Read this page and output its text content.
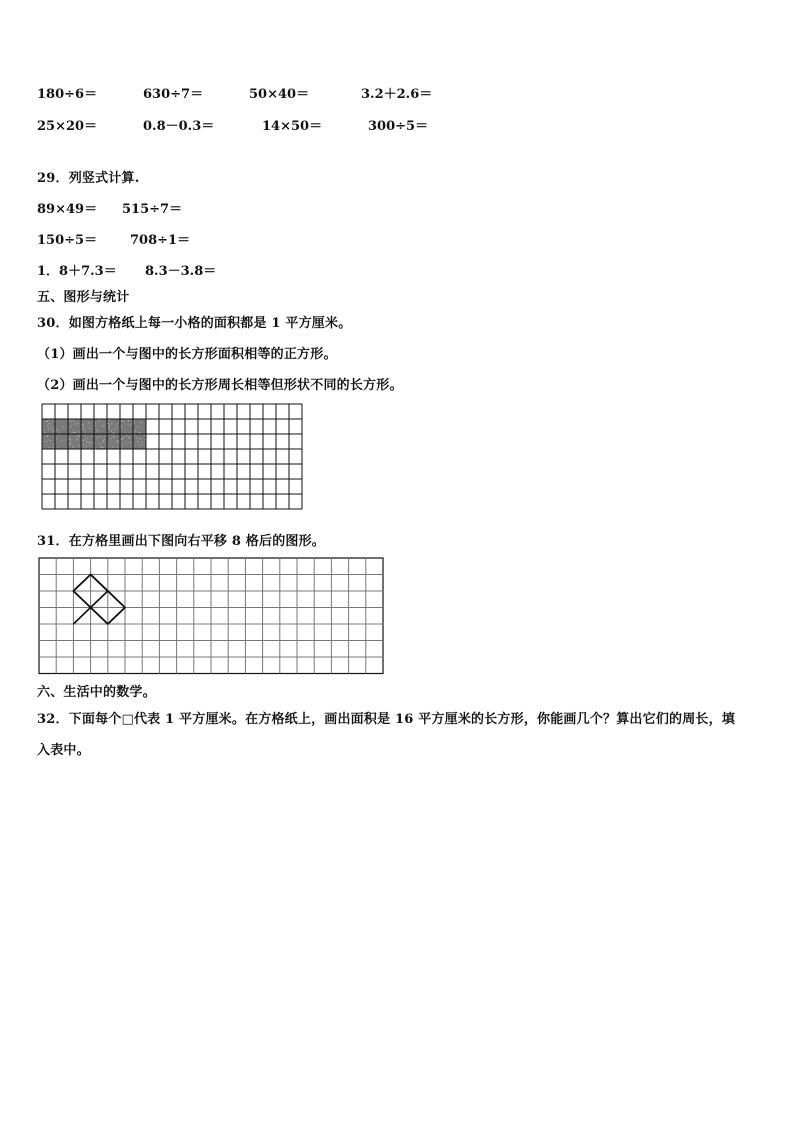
180÷6＝	630÷7＝	50×40＝	3.2＋2.6＝
25×20＝	0.8－0.3＝	14×50＝	300÷5＝
29．列竖式计算.
89×49＝ 515÷7＝
150÷5＝	708÷1＝
1．8＋7.3＝ 8.3－3.8＝
五、图形与统计
30．如图方格纸上每一小格的面积都是 1 平方厘米。
（1）画出一个与图中的长方形面积相等的正方形。
（2）画出一个与图中的长方形周长相等但形状不同的长方形。
31．在方格里画出下图向右平移 8 格后的图形。
六、生活中的数学。
32．下面每个□代表 1 平方厘米。在方格纸上，画出面积是 16 平方厘米的长方形，你能画几个？算出它们的周长，填
入表中。
